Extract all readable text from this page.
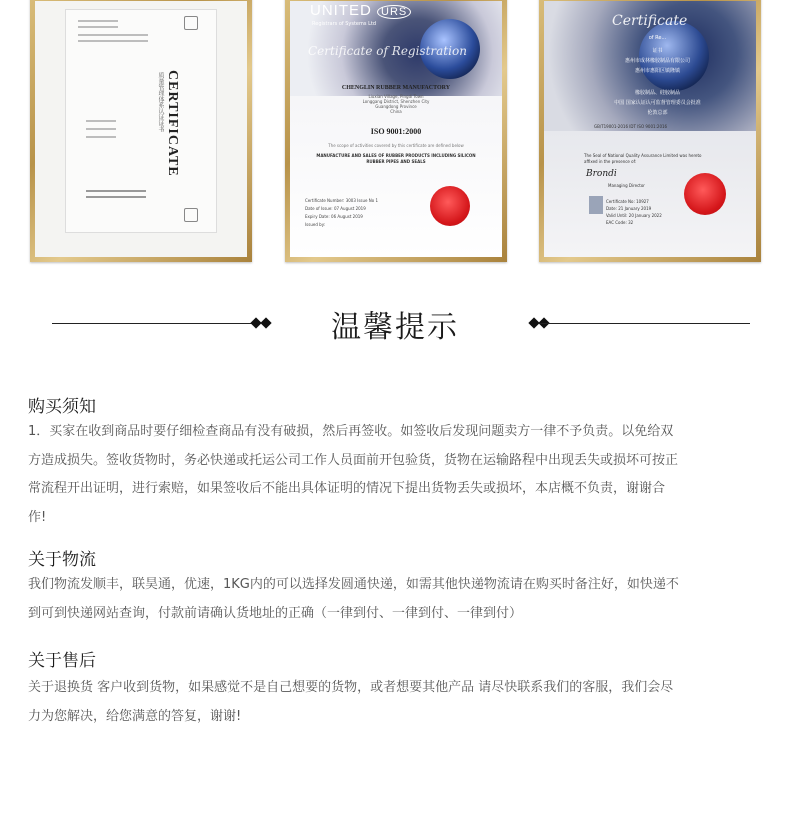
CERTIFICATE
质量管理体系认证证书
UNITED URS
Registrars of Systems Ltd
Certificate of Registration
CHENGLIN RUBBER MANUFACTORY
Liuxian Village, Pingdi Town
Longgang District, Shenzhen City
Guangdong Province
China
ISO 9001:2000
The scope of activities covered by this certificate are defined below
MANUFACTURE AND SALES OF RUBBER PRODUCTS INCLUDING SILICON RUBBER PIPES AND SEALS
Certificate Number: 3003 Issue No 1
Date of Issue: 07 August 2019
Expiry Date: 06 August 2019
Issued by:
Certificate
of Re...
证书
惠州市成林橡胶制品有限公司
惠州市惠阳区镇隆镇
橡胶制品、硅胶制品
中国 国家认证认可监督管理委员会批准
伦敦总部
GB/T19001-2016 IDT ISO 9001:2016
The Seal of National Quality Assurance Limited was hereto affixed in the presence of:
Brondi
Managing Director
Certificate No: 10927
Date: 21 January 2019
Valid Until: 20 January 2022
EAC Code: 32
温馨提示
购买须知
1．买家在收到商品时要仔细检查商品有没有破损，然后再签收。如签收后发现问题卖方一律不予负责。以免给双
方造成损失。签收货物时，务必快递或托运公司工作人员面前开包验货，货物在运输路程中出现丢失或损坏可按正
常流程开出证明，进行索赔，如果签收后不能出具体证明的情况下提出货物丢失或损坏，本店概不负责，谢谢合
作!
关于物流
我们物流发顺丰，联昊通，优速，1KG内的可以选择发圆通快递，如需其他快递物流请在购买时备注好，如快递不
到可到快递网站查询，付款前请确认货地址的正确（一律到付、一律到付、一律到付）
关于售后
关于退换货 客户收到货物，如果感觉不是自己想要的货物，或者想要其他产品 请尽快联系我们的客服，我们会尽
力为您解决，给您满意的答复，谢谢!
